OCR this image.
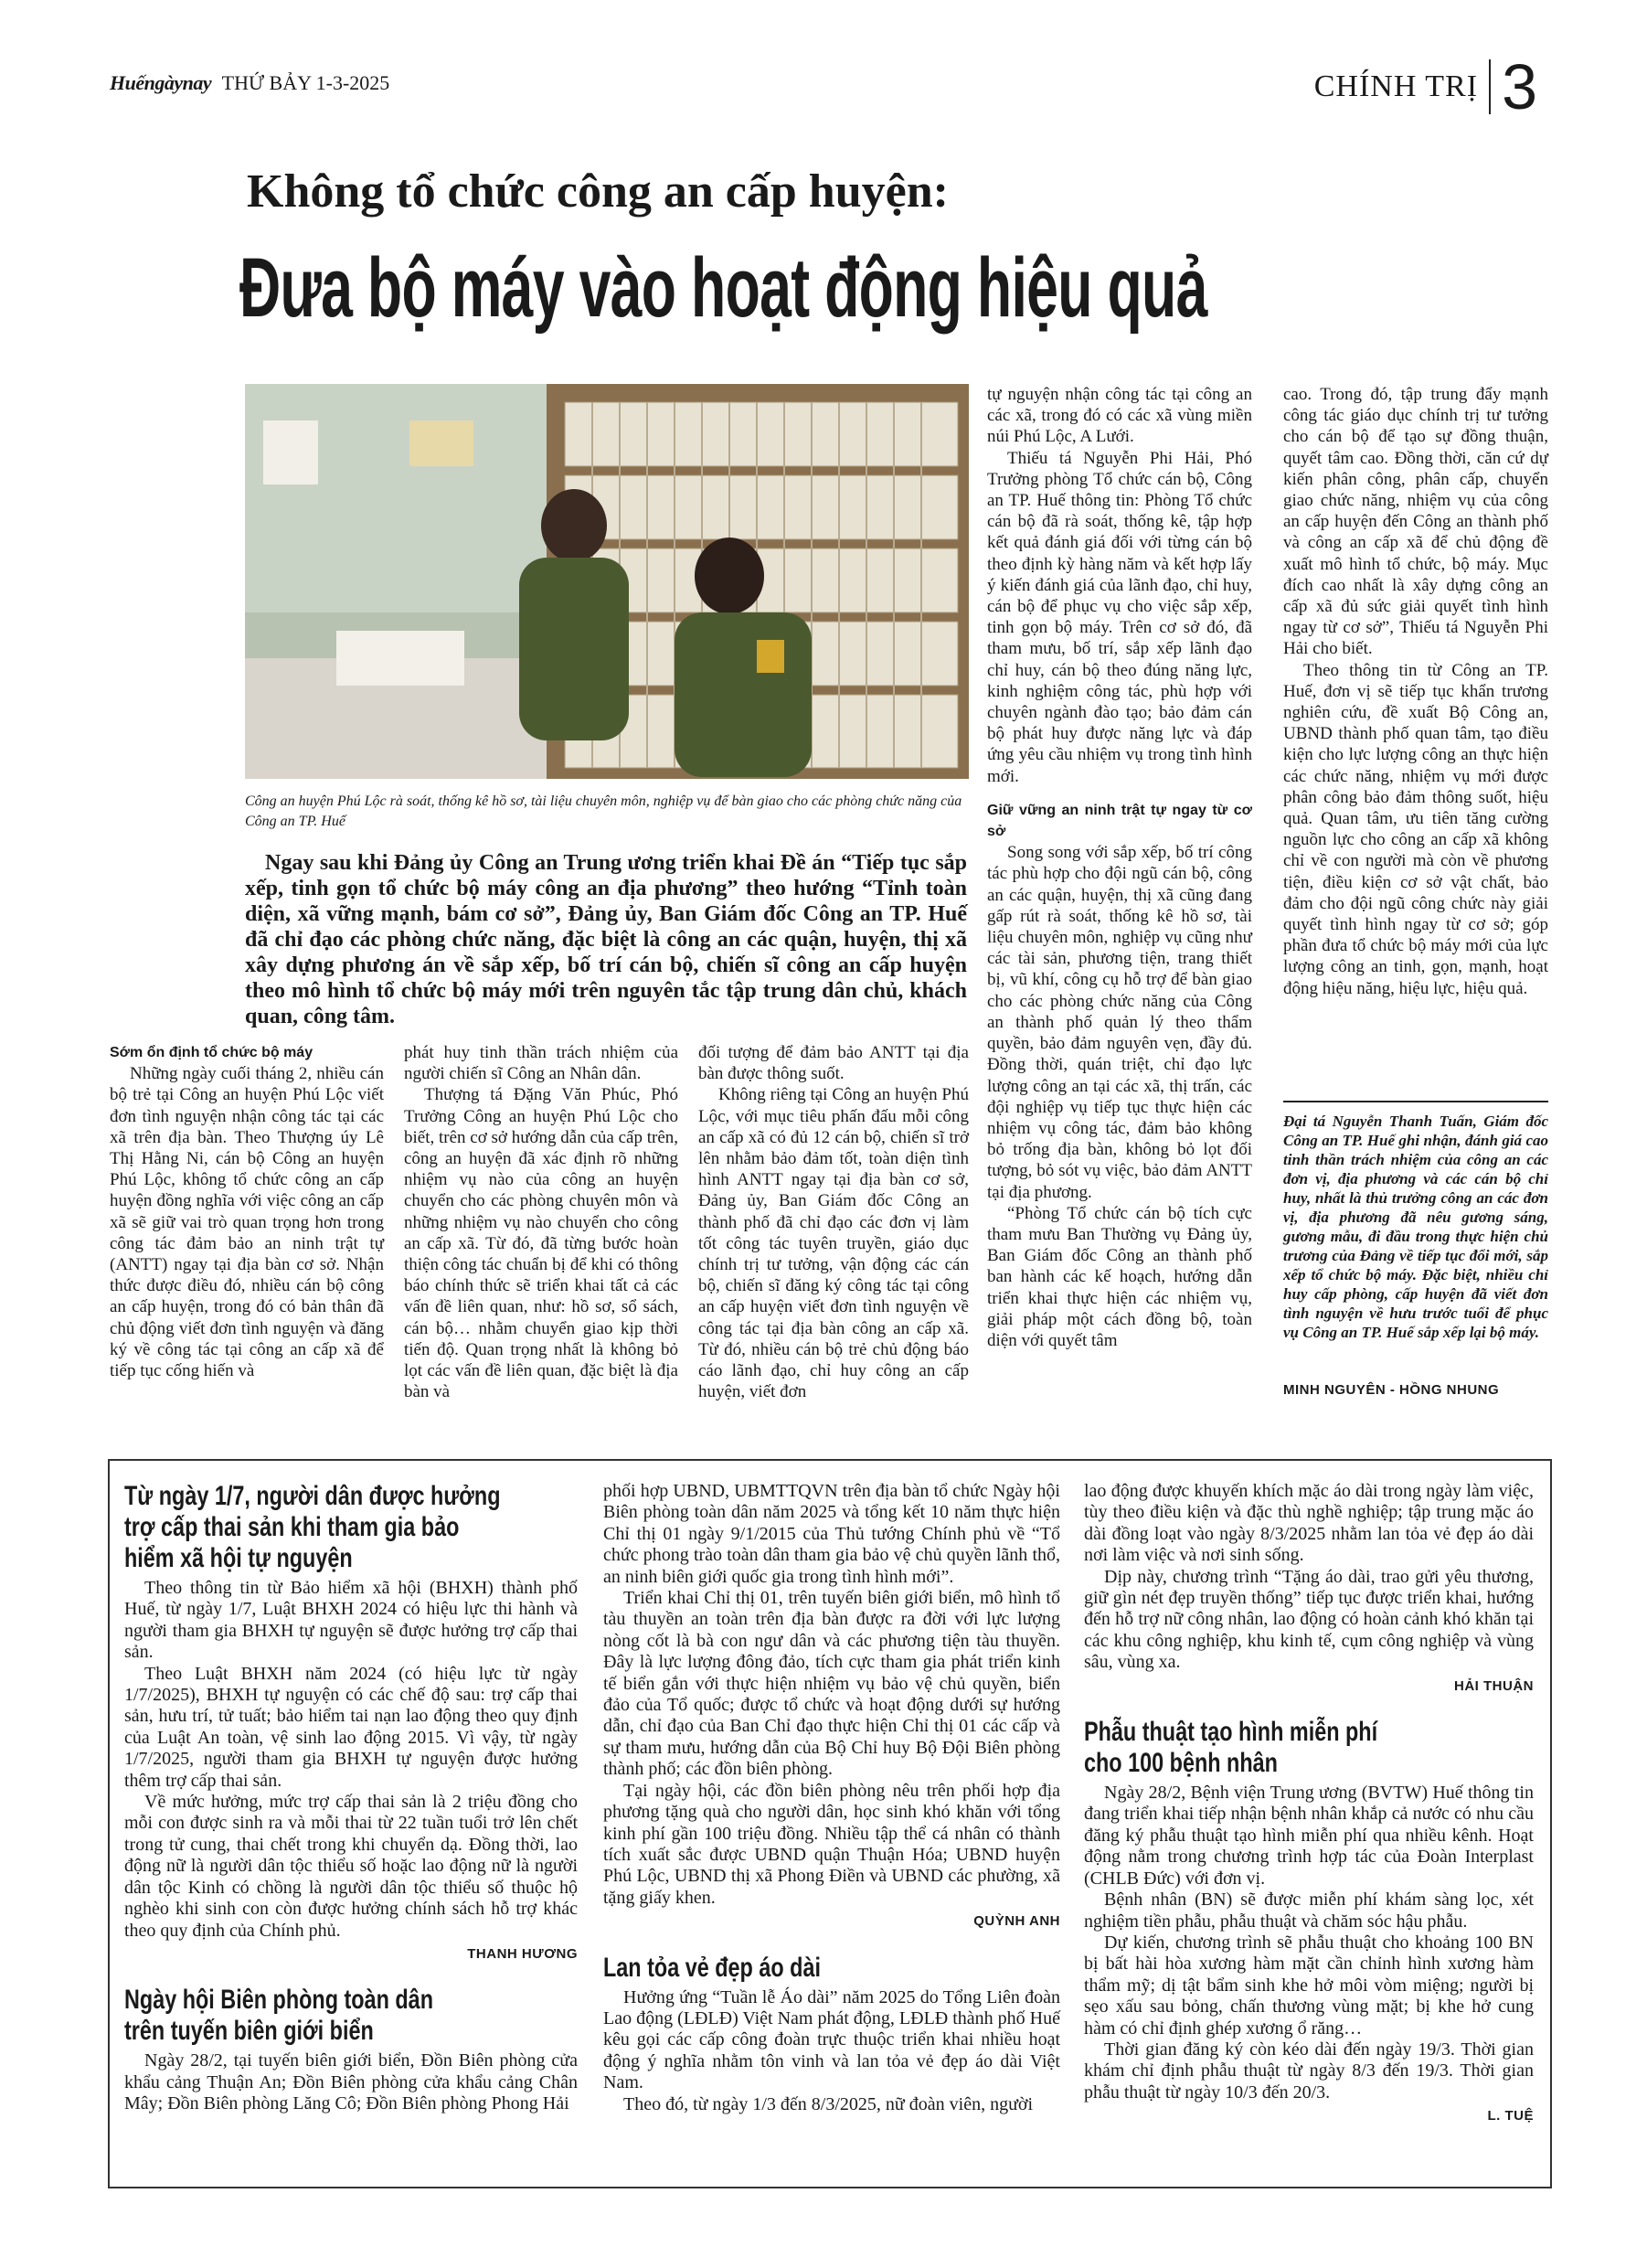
Huếngàynay THỨ BẢY 1-3-2025	CHÍNH TRỊ 3
Không tổ chức công an cấp huyện:
Đưa bộ máy vào hoạt động hiệu quả
Công an huyện Phú Lộc rà soát, thống kê hồ sơ, tài liệu chuyên môn, nghiệp vụ để bàn giao cho các phòng chức năng của Công an TP. Huế
Ngay sau khi Đảng ủy Công an Trung ương triển khai Đề án “Tiếp tục sắp xếp, tinh gọn tổ chức bộ máy công an địa phương” theo hướng “Tỉnh toàn diện, xã vững mạnh, bám cơ sở”, Đảng ủy, Ban Giám đốc Công an TP. Huế đã chỉ đạo các phòng chức năng, đặc biệt là công an các quận, huyện, thị xã xây dựng phương án về sắp xếp, bố trí cán bộ, chiến sĩ công an cấp huyện theo mô hình tổ chức bộ máy mới trên nguyên tắc tập trung dân chủ, khách quan, công tâm.

Sớm ổn định tổ chức bộ máy

Những ngày cuối tháng 2, nhiều cán bộ trẻ tại Công an huyện Phú Lộc viết đơn tình nguyện nhận công tác tại các xã trên địa bàn. Theo Thượng úy Lê Thị Hằng Ni, cán bộ Công an huyện Phú Lộc, không tổ chức công an cấp huyện đồng nghĩa với việc công an cấp xã sẽ giữ vai trò quan trọng hơn trong công tác đảm bảo an ninh trật tự (ANTT) ngay tại địa bàn cơ sở. Nhận thức được điều đó, nhiều cán bộ công an cấp huyện, trong đó có bản thân đã chủ động viết đơn tình nguyện và đăng ký về công tác tại công an cấp xã để tiếp tục cống hiến và

phát huy tinh thần trách nhiệm của người chiến sĩ Công an Nhân dân.

Thượng tá Đặng Văn Phúc, Phó Trưởng Công an huyện Phú Lộc cho biết, trên cơ sở hướng dẫn của cấp trên, công an huyện đã xác định rõ những nhiệm vụ nào của công an huyện chuyển cho các phòng chuyên môn và những nhiệm vụ nào chuyển cho công an cấp xã. Từ đó, đã từng bước hoàn thiện công tác chuẩn bị để khi có thông báo chính thức sẽ triển khai tất cả các vấn đề liên quan, như: hồ sơ, sổ sách, cán bộ… nhằm chuyển giao kịp thời tiến độ. Quan trọng nhất là không bỏ lọt các vấn đề liên quan, đặc biệt là địa bàn và

đối tượng để đảm bảo ANTT tại địa bàn được thông suốt.

Không riêng tại Công an huyện Phú Lộc, với mục tiêu phấn đấu mỗi công an cấp xã có đủ 12 cán bộ, chiến sĩ trở lên nhằm bảo đảm tốt, toàn diện tình hình ANTT ngay tại địa bàn cơ sở, Đảng ủy, Ban Giám đốc Công an thành phố đã chỉ đạo các đơn vị làm tốt công tác tuyên truyền, giáo dục chính trị tư tưởng, vận động các cán bộ, chiến sĩ đăng ký công tác tại công an cấp huyện viết đơn tình nguyện về công tác tại địa bàn công an cấp xã. Từ đó, nhiều cán bộ trẻ chủ động báo cáo lãnh đạo, chỉ huy công an cấp huyện, viết đơn

tự nguyện nhận công tác tại công an các xã, trong đó có các xã vùng miền núi Phú Lộc, A Lưới.

Thiếu tá Nguyễn Phi Hải, Phó Trưởng phòng Tổ chức cán bộ, Công an TP. Huế thông tin: Phòng Tổ chức cán bộ đã rà soát, thống kê, tập hợp kết quả đánh giá đối với từng cán bộ theo định kỳ hàng năm và kết hợp lấy ý kiến đánh giá của lãnh đạo, chỉ huy, cán bộ để phục vụ cho việc sắp xếp, tinh gọn bộ máy. Trên cơ sở đó, đã tham mưu, bố trí, sắp xếp lãnh đạo chỉ huy, cán bộ theo đúng năng lực, kinh nghiệm công tác, phù hợp với chuyên ngành đào tạo; bảo đảm cán bộ phát huy được năng lực và đáp ứng yêu cầu nhiệm vụ trong tình hình mới.

Giữ vững an ninh trật tự ngay từ cơ sở

Song song với sắp xếp, bố trí công tác phù hợp cho đội ngũ cán bộ, công an các quận, huyện, thị xã cũng đang gấp rút rà soát, thống kê hồ sơ, tài liệu chuyên môn, nghiệp vụ cũng như các tài sản, phương tiện, trang thiết bị, vũ khí, công cụ hỗ trợ để bàn giao cho các phòng chức năng của Công an thành phố quản lý theo thẩm quyền, bảo đảm nguyên vẹn, đầy đủ. Đồng thời, quán triệt, chỉ đạo lực lượng công an tại các xã, thị trấn, các đội nghiệp vụ tiếp tục thực hiện các nhiệm vụ công tác, đảm bảo không bỏ trống địa bàn, không bỏ lọt đối tượng, bỏ sót vụ việc, bảo đảm ANTT tại địa phương.

“Phòng Tổ chức cán bộ tích cực tham mưu Ban Thường vụ Đảng ủy, Ban Giám đốc Công an thành phố ban hành các kế hoạch, hướng dẫn triển khai thực hiện các nhiệm vụ, giải pháp một cách đồng bộ, toàn diện với quyết tâm

cao. Trong đó, tập trung đẩy mạnh công tác giáo dục chính trị tư tưởng cho cán bộ để tạo sự đồng thuận, quyết tâm cao. Đồng thời, căn cứ dự kiến phân công, phân cấp, chuyển giao chức năng, nhiệm vụ của công an cấp huyện đến Công an thành phố và công an cấp xã để chủ động đề xuất mô hình tổ chức, bộ máy. Mục đích cao nhất là xây dựng công an cấp xã đủ sức giải quyết tình hình ngay từ cơ sở”, Thiếu tá Nguyễn Phi Hải cho biết.

Theo thông tin từ Công an TP. Huế, đơn vị sẽ tiếp tục khẩn trương nghiên cứu, đề xuất Bộ Công an, UBND thành phố quan tâm, tạo điều kiện cho lực lượng công an thực hiện các chức năng, nhiệm vụ mới được phân công bảo đảm thông suốt, hiệu quả. Quan tâm, ưu tiên tăng cường nguồn lực cho công an cấp xã không chỉ về con người mà còn về phương tiện, điều kiện cơ sở vật chất, bảo đảm cho đội ngũ công chức này giải quyết tình hình ngay từ cơ sở; góp phần đưa tổ chức bộ máy mới của lực lượng công an tinh, gọn, mạnh, hoạt động hiệu năng, hiệu lực, hiệu quả.

Đại tá Nguyễn Thanh Tuấn, Giám đốc Công an TP. Huế ghi nhận, đánh giá cao tinh thần trách nhiệm của công an các đơn vị, địa phương và các cán bộ chỉ huy, nhất là thủ trưởng công an các đơn vị, địa phương đã nêu gương sáng, gương mẫu, đi đầu trong thực hiện chủ trương của Đảng về tiếp tục đổi mới, sắp xếp tổ chức bộ máy. Đặc biệt, nhiều chỉ huy cấp phòng, cấp huyện đã viết đơn tình nguyện về hưu trước tuổi để phục vụ Công an TP. Huế sắp xếp lại bộ máy.
MINH NGUYÊN - HỒNG NHUNG
Từ ngày 1/7, người dân được hưởng
trợ cấp thai sản khi tham gia bảo
hiểm xã hội tự nguyện

Theo thông tin từ Bảo hiểm xã hội (BHXH) thành phố Huế, từ ngày 1/7, Luật BHXH 2024 có hiệu lực thi hành và người tham gia BHXH tự nguyện sẽ được hưởng trợ cấp thai sản.

Theo Luật BHXH năm 2024 (có hiệu lực từ ngày 1/7/2025), BHXH tự nguyện có các chế độ sau: trợ cấp thai sản, hưu trí, tử tuất; bảo hiểm tai nạn lao động theo quy định của Luật An toàn, vệ sinh lao động 2015. Vì vậy, từ ngày 1/7/2025, người tham gia BHXH tự nguyện được hưởng thêm trợ cấp thai sản.

Về mức hưởng, mức trợ cấp thai sản là 2 triệu đồng cho mỗi con được sinh ra và mỗi thai từ 22 tuần tuổi trở lên chết trong tử cung, thai chết trong khi chuyển dạ. Đồng thời, lao động nữ là người dân tộc thiểu số hoặc lao động nữ là người dân tộc Kinh có chồng là người dân tộc thiểu số thuộc hộ nghèo khi sinh con còn được hưởng chính sách hỗ trợ khác theo quy định của Chính phủ.

THANH HƯƠNG
Ngày hội Biên phòng toàn dân
trên tuyến biên giới biển

Ngày 28/2, tại tuyến biên giới biển, Đồn Biên phòng cửa khẩu cảng Thuận An; Đồn Biên phòng cửa khẩu cảng Chân Mây; Đồn Biên phòng Lăng Cô; Đồn Biên phòng Phong Hải

phối hợp UBND, UBMTTQVN trên địa bàn tổ chức Ngày hội Biên phòng toàn dân năm 2025 và tổng kết 10 năm thực hiện Chỉ thị 01 ngày 9/1/2015 của Thủ tướng Chính phủ về “Tổ chức phong trào toàn dân tham gia bảo vệ chủ quyền lãnh thổ, an ninh biên giới quốc gia trong tình hình mới”.

Triển khai Chỉ thị 01, trên tuyến biên giới biển, mô hình tổ tàu thuyền an toàn trên địa bàn được ra đời với lực lượng nòng cốt là bà con ngư dân và các phương tiện tàu thuyền. Đây là lực lượng đông đảo, tích cực tham gia phát triển kinh tế biển gắn với thực hiện nhiệm vụ bảo vệ chủ quyền, biển đảo của Tổ quốc; được tổ chức và hoạt động dưới sự hướng dẫn, chỉ đạo của Ban Chỉ đạo thực hiện Chỉ thị 01 các cấp và sự tham mưu, hướng dẫn của Bộ Chỉ huy Bộ Đội Biên phòng thành phố; các đồn biên phòng.

Tại ngày hội, các đồn biên phòng nêu trên phối hợp địa phương tặng quà cho người dân, học sinh khó khăn với tổng kinh phí gần 100 triệu đồng. Nhiều tập thể cá nhân có thành tích xuất sắc được UBND quận Thuận Hóa; UBND huyện Phú Lộc, UBND thị xã Phong Điền và UBND các phường, xã tặng giấy khen.

QUỲNH ANH
Lan tỏa vẻ đẹp áo dài

Hưởng ứng “Tuần lễ Áo dài” năm 2025 do Tổng Liên đoàn Lao động (LĐLĐ) Việt Nam phát động, LĐLĐ thành phố Huế kêu gọi các cấp công đoàn trực thuộc triển khai nhiều hoạt động ý nghĩa nhằm tôn vinh và lan tỏa vẻ đẹp áo dài Việt Nam.

Theo đó, từ ngày 1/3 đến 8/3/2025, nữ đoàn viên, người

lao động được khuyến khích mặc áo dài trong ngày làm việc, tùy theo điều kiện và đặc thù nghề nghiệp; tập trung mặc áo dài đồng loạt vào ngày 8/3/2025 nhằm lan tỏa vẻ đẹp áo dài nơi làm việc và nơi sinh sống.

Dịp này, chương trình “Tặng áo dài, trao gửi yêu thương, giữ gìn nét đẹp truyền thống” tiếp tục được triển khai, hướng đến hỗ trợ nữ công nhân, lao động có hoàn cảnh khó khăn tại các khu công nghiệp, khu kinh tế, cụm công nghiệp và vùng sâu, vùng xa.

HẢI THUẬN
Phẫu thuật tạo hình miễn phí
cho 100 bệnh nhân

Ngày 28/2, Bệnh viện Trung ương (BVTW) Huế thông tin đang triển khai tiếp nhận bệnh nhân khắp cả nước có nhu cầu đăng ký phẫu thuật tạo hình miễn phí qua nhiều kênh. Hoạt động nằm trong chương trình hợp tác của Đoàn Interplast (CHLB Đức) với đơn vị.

Bệnh nhân (BN) sẽ được miễn phí khám sàng lọc, xét nghiệm tiền phẫu, phẫu thuật và chăm sóc hậu phẫu.

Dự kiến, chương trình sẽ phẫu thuật cho khoảng 100 BN bị bất hài hòa xương hàm mặt cần chỉnh hình xương hàm thẩm mỹ; dị tật bẩm sinh khe hở môi vòm miệng; người bị sẹo xấu sau bỏng, chấn thương vùng mặt; bị khe hở cung hàm có chỉ định ghép xương ổ răng…

Thời gian đăng ký còn kéo dài đến ngày 19/3. Thời gian khám chỉ định phẫu thuật từ ngày 8/3 đến 19/3. Thời gian phẫu thuật từ ngày 10/3 đến 20/3.

L. TUỆ
